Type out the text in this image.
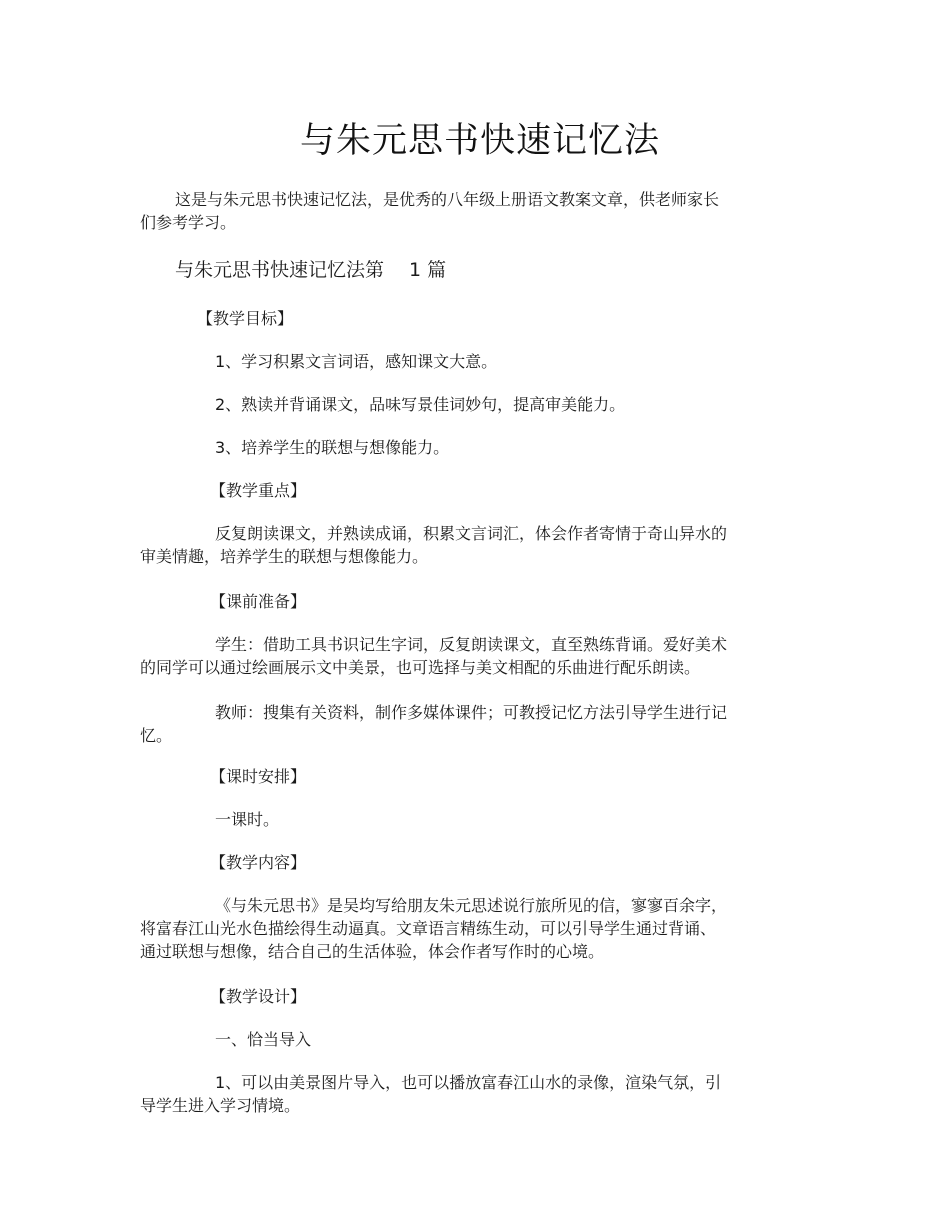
与朱元思书快速记忆法
这是与朱元思书快速记忆法，是优秀的八年级上册语文教案文章，供老师家长
们参考学习。
与朱元思书快速记忆法第　 1 篇
【教学目标】
1、学习积累文言词语，感知课文大意。
2、熟读并背诵课文，品味写景佳词妙句，提高审美能力。
3、培养学生的联想与想像能力。
【教学重点】
反复朗读课文，并熟读成诵，积累文言词汇，体会作者寄情于奇山异水的
审美情趣，培养学生的联想与想像能力。
【课前准备】
学生：借助工具书识记生字词，反复朗读课文，直至熟练背诵。爱好美术
的同学可以通过绘画展示文中美景，也可选择与美文相配的乐曲进行配乐朗读。
教师：搜集有关资料，制作多媒体课件；可教授记忆方法引导学生进行记
忆。
【课时安排】
一课时。
【教学内容】
《与朱元思书》是吴均写给朋友朱元思述说行旅所见的信，寥寥百余字，
将富春江山光水色描绘得生动逼真。文章语言精练生动，可以引导学生通过背诵、
通过联想与想像，结合自己的生活体验，体会作者写作时的心境。
【教学设计】
一、恰当导入
1、可以由美景图片导入，也可以播放富春江山水的录像，渲染气氛，引
导学生进入学习情境。
